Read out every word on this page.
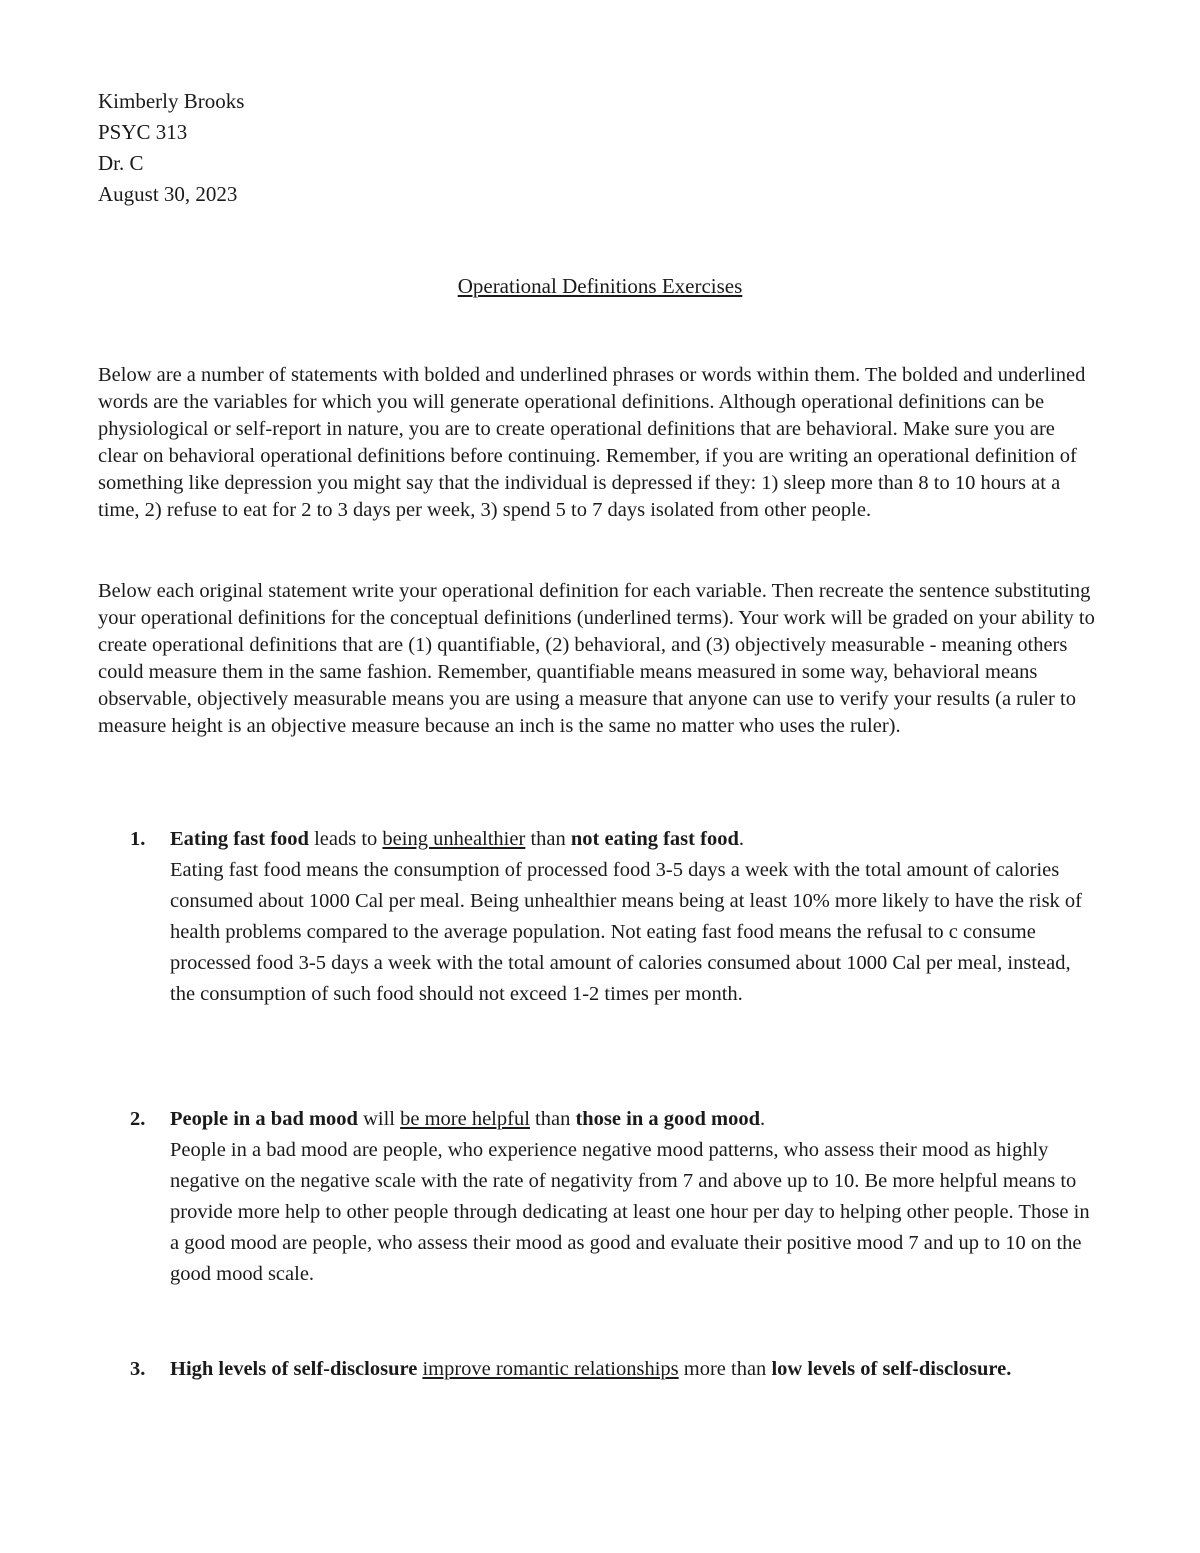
Kimberly Brooks
PSYC 313
Dr. C
August 30, 2023
Operational Definitions Exercises
Below are a number of statements with bolded and underlined phrases or words within them. The bolded and underlined words are the variables for which you will generate operational definitions. Although operational definitions can be physiological or self-report in nature, you are to create operational definitions that are behavioral. Make sure you are clear on behavioral operational definitions before continuing. Remember, if you are writing an operational definition of something like depression you might say that the individual is depressed if they: 1) sleep more than 8 to 10 hours at a time, 2) refuse to eat for 2 to 3 days per week, 3) spend 5 to 7 days isolated from other people.
Below each original statement write your operational definition for each variable. Then recreate the sentence substituting your operational definitions for the conceptual definitions (underlined terms). Your work will be graded on your ability to create operational definitions that are (1) quantifiable, (2) behavioral, and (3) objectively measurable - meaning others could measure them in the same fashion. Remember, quantifiable means measured in some way, behavioral means observable, objectively measurable means you are using a measure that anyone can use to verify your results (a ruler to measure height is an objective measure because an inch is the same no matter who uses the ruler).
1. Eating fast food leads to being unhealthier than not eating fast food.
Eating fast food means the consumption of processed food 3-5 days a week with the total amount of calories consumed about 1000 Cal per meal. Being unhealthier means being at least 10% more likely to have the risk of health problems compared to the average population. Not eating fast food means the refusal to c consume processed food 3-5 days a week with the total amount of calories consumed about 1000 Cal per meal, instead, the consumption of such food should not exceed 1-2 times per month.
2. People in a bad mood will be more helpful than those in a good mood.
People in a bad mood are people, who experience negative mood patterns, who assess their mood as highly negative on the negative scale with the rate of negativity from 7 and above up to 10. Be more helpful means to provide more help to other people through dedicating at least one hour per day to helping other people. Those in a good mood are people, who assess their mood as good and evaluate their positive mood 7 and up to 10 on the good mood scale.
3. High levels of self-disclosure improve romantic relationships more than low levels of self-disclosure.
